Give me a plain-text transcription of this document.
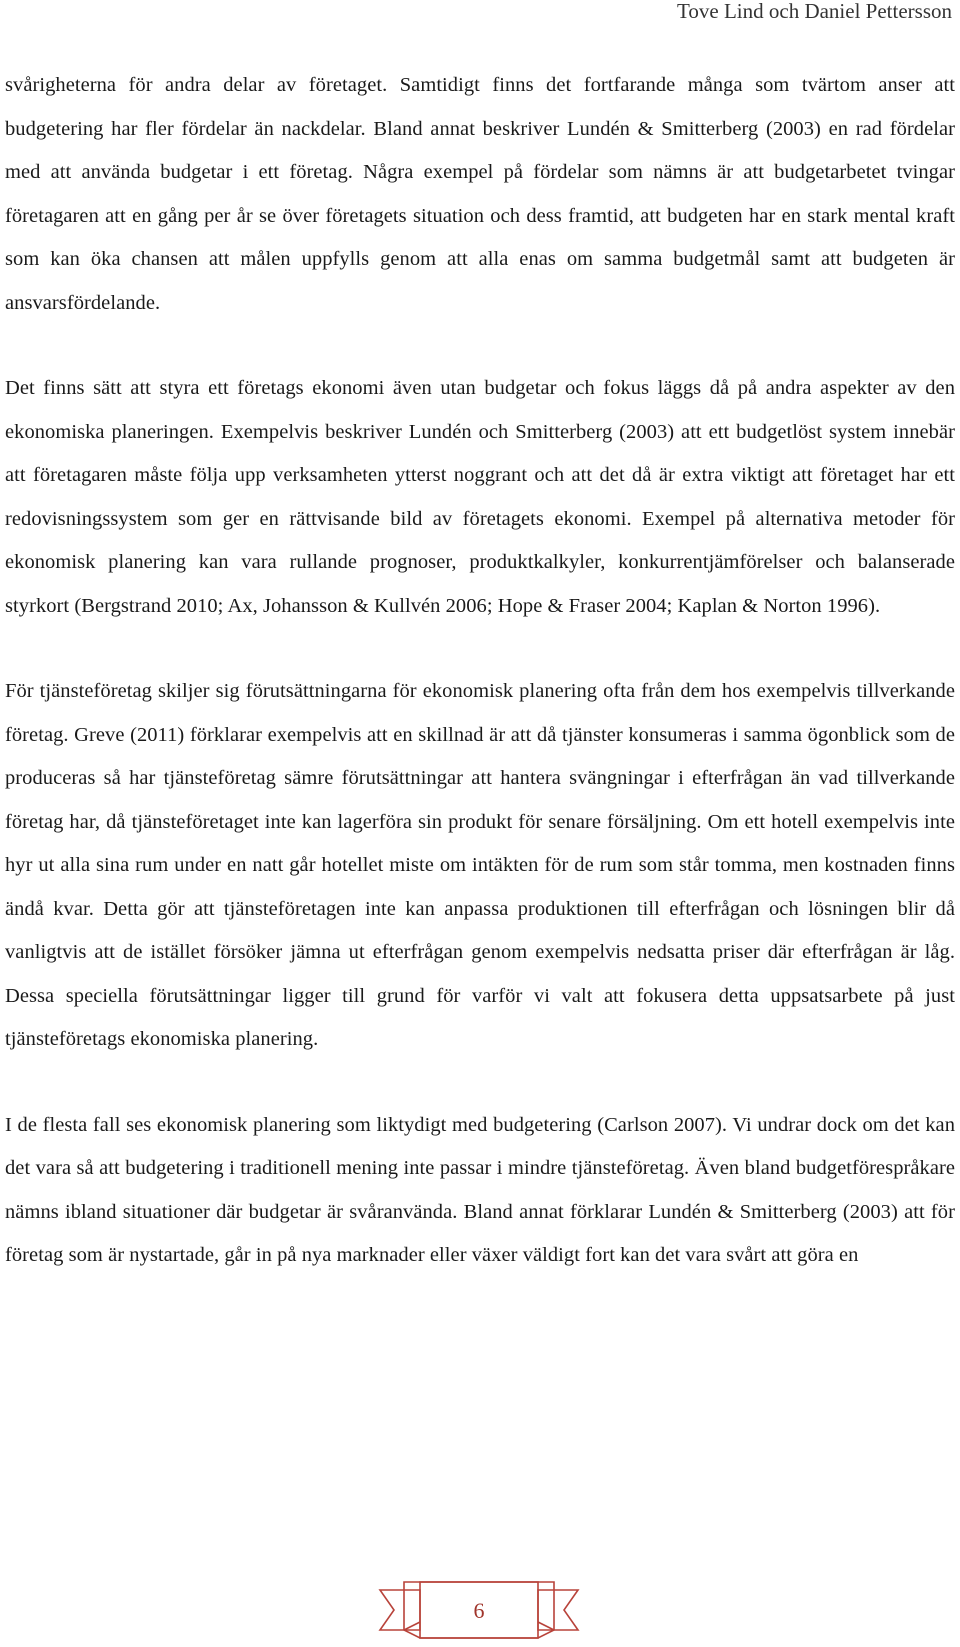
Tove Lind och Daniel Pettersson

svårigheterna för andra delar av företaget. Samtidigt finns det fortfarande många som tvärtom anser att budgetering har fler fördelar än nackdelar. Bland annat beskriver Lundén & Smitterberg (2003) en rad fördelar med att använda budgetar i ett företag. Några exempel på fördelar som nämns är att budgetarbetet tvingar företagaren att en gång per år se över företagets situation och dess framtid, att budgeten har en stark mental kraft som kan öka chansen att målen uppfylls genom att alla enas om samma budgetmål samt att budgeten är ansvarsfördelande.

Det finns sätt att styra ett företags ekonomi även utan budgetar och fokus läggs då på andra aspekter av den ekonomiska planeringen. Exempelvis beskriver Lundén och Smitterberg (2003) att ett budgetlöst system innebär att företagaren måste följa upp verksamheten ytterst noggrant och att det då är extra viktigt att företaget har ett redovisningssystem som ger en rättvisande bild av företagets ekonomi. Exempel på alternativa metoder för ekonomisk planering kan vara rullande prognoser, produktkalkyler, konkurrentjämförelser och balanserade styrkort (Bergstrand 2010; Ax, Johansson & Kullvén 2006; Hope & Fraser 2004; Kaplan & Norton 1996).

För tjänsteföretag skiljer sig förutsättningarna för ekonomisk planering ofta från dem hos exempelvis tillverkande företag. Greve (2011) förklarar exempelvis att en skillnad är att då tjänster konsumeras i samma ögonblick som de produceras så har tjänsteföretag sämre förutsättningar att hantera svängningar i efterfrågan än vad tillverkande företag har, då tjänsteföretaget inte kan lagerföra sin produkt för senare försäljning. Om ett hotell exempelvis inte hyr ut alla sina rum under en natt går hotellet miste om intäkten för de rum som står tomma, men kostnaden finns ändå kvar. Detta gör att tjänsteföretagen inte kan anpassa produktionen till efterfrågan och lösningen blir då vanligtvis att de istället försöker jämna ut efterfrågan genom exempelvis nedsatta priser där efterfrågan är låg. Dessa speciella förutsättningar ligger till grund för varför vi valt att fokusera detta uppsatsarbete på just tjänsteföretags ekonomiska planering.

I de flesta fall ses ekonomisk planering som liktydigt med budgetering (Carlson 2007). Vi undrar dock om det kan det vara så att budgetering i traditionell mening inte passar i mindre tjänsteföretag. Även bland budgetförespråkare nämns ibland situationer där budgetar är svåranvända. Bland annat förklarar Lundén & Smitterberg (2003) att för företag som är nystartade, går in på nya marknader eller växer väldigt fort kan det vara svårt att göra en

6
